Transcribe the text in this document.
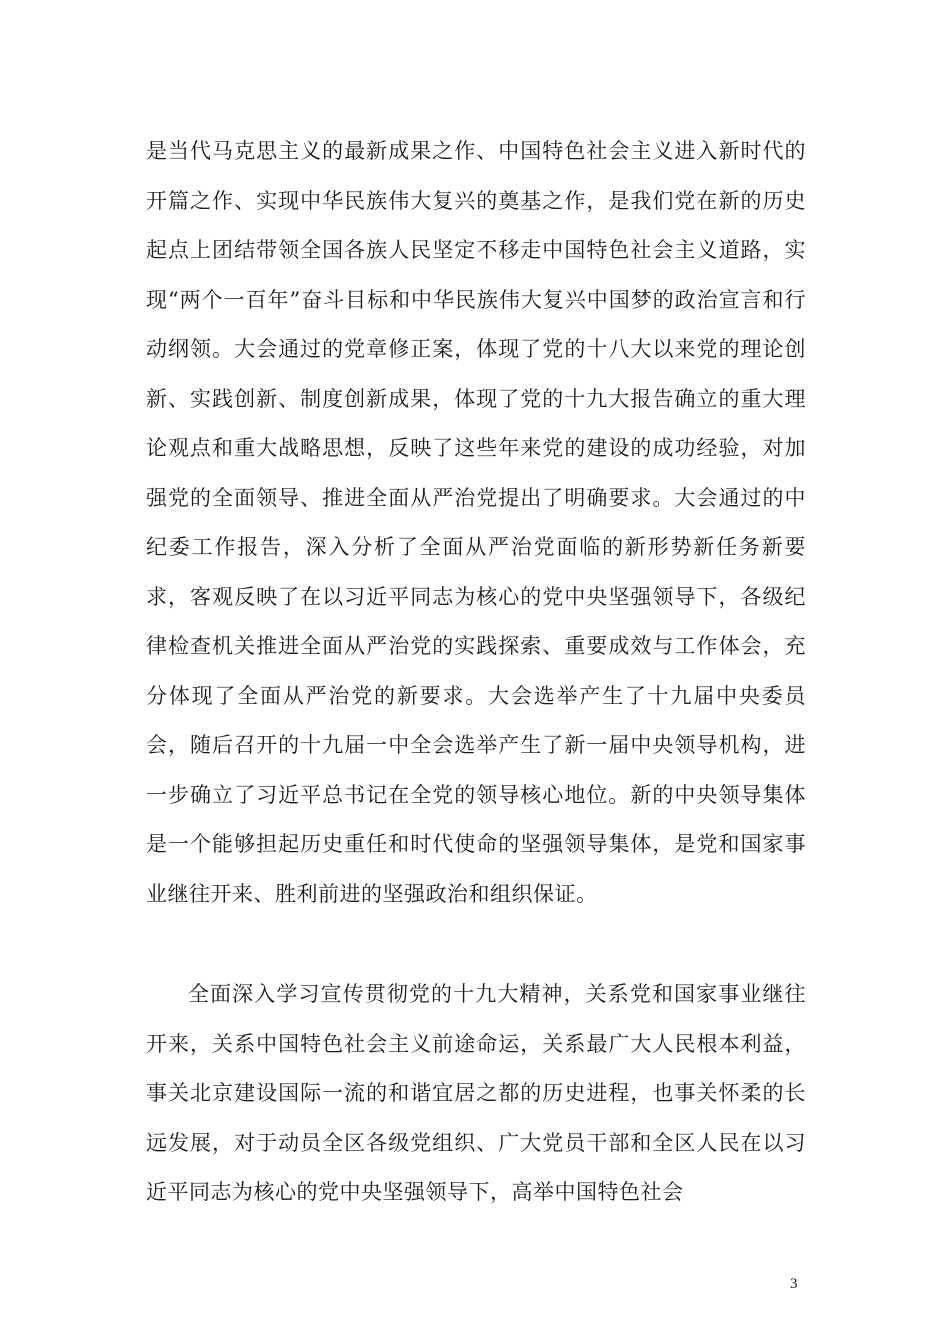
是当代马克思主义的最新成果之作、中国特色社会主义进入新时代的开篇之作、实现中华民族伟大复兴的奠基之作，是我们党在新的历史起点上团结带领全国各族人民坚定不移走中国特色社会主义道路，实现“两个一百年”奋斗目标和中华民族伟大复兴中国梦的政治宣言和行动纲领。大会通过的党章修正案，体现了党的十八大以来党的理论创新、实践创新、制度创新成果，体现了党的十九大报告确立的重大理论观点和重大战略思想，反映了这些年来党的建设的成功经验，对加强党的全面领导、推进全面从严治党提出了明确要求。大会通过的中纪委工作报告，深入分析了全面从严治党面临的新形势新任务新要求，客观反映了在以习近平同志为核心的党中央坚强领导下，各级纪律检查机关推进全面从严治党的实践探索、重要成效与工作体会，充分体现了全面从严治党的新要求。大会选举产生了十九届中央委员会，随后召开的十九届一中全会选举产生了新一届中央领导机构，进一步确立了习近平总书记在全党的领导核心地位。新的中央领导集体是一个能够担起历史重任和时代使命的坚强领导集体，是党和国家事业继往开来、胜利前进的坚强政治和组织保证。

全面深入学习宣传贯彻党的十九大精神，关系党和国家事业继往开来，关系中国特色社会主义前途命运，关系最广大人民根本利益，事关北京建设国际一流的和谐宜居之都的历史进程，也事关怀柔的长远发展，对于动员全区各级党组织、广大党员干部和全区人民在以习近平同志为核心的党中央坚强领导下，高举中国特色社会

3
